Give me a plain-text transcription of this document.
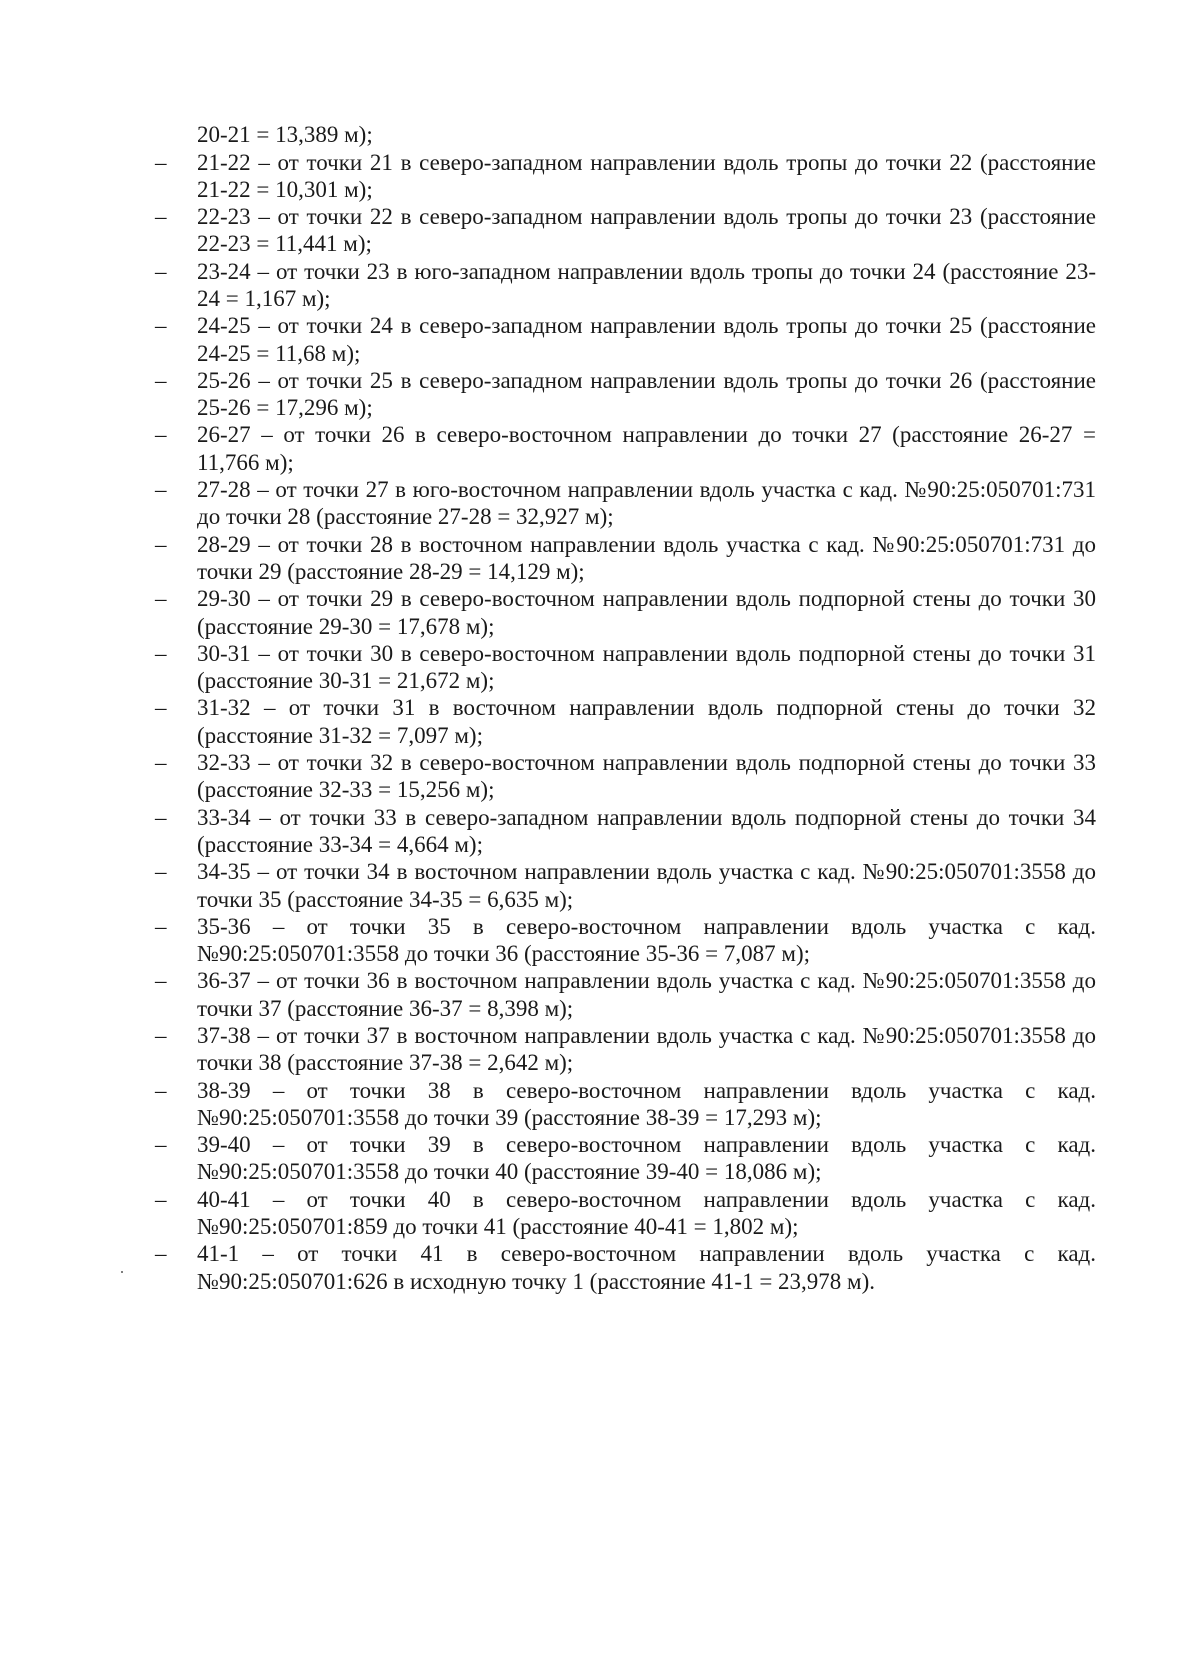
20-21 = 13,389 м);

– 21-22 – от точки 21 в северо-западном направлении вдоль тропы до точки 22 (расстояние 21-22 = 10,301 м);
– 22-23 – от точки 22 в северо-западном направлении вдоль тропы до точки 23 (расстояние 22-23 = 11,441 м);
– 23-24 – от точки 23 в юго-западном направлении вдоль тропы до точки 24 (расстояние 23-24 = 1,167 м);
– 24-25 – от точки 24 в северо-западном направлении вдоль тропы до точки 25 (расстояние 24-25 = 11,68 м);
– 25-26 – от точки 25 в северо-западном направлении вдоль тропы до точки 26 (расстояние 25-26 = 17,296 м);
– 26-27 – от точки 26 в северо-восточном направлении до точки 27 (расстояние 26-27 = 11,766 м);
– 27-28 – от точки 27 в юго-восточном направлении вдоль участка с кад. №90:25:050701:731 до точки 28 (расстояние 27-28 = 32,927 м);
– 28-29 – от точки 28 в восточном направлении вдоль участка с кад. №90:25:050701:731 до точки 29 (расстояние 28-29 = 14,129 м);
– 29-30 – от точки 29 в северо-восточном направлении вдоль подпорной стены до точки 30 (расстояние 29-30 = 17,678 м);
– 30-31 – от точки 30 в северо-восточном направлении вдоль подпорной стены до точки 31 (расстояние 30-31 = 21,672 м);
– 31-32 – от точки 31 в восточном направлении вдоль подпорной стены до точки 32 (расстояние 31-32 = 7,097 м);
– 32-33 – от точки 32 в северо-восточном направлении вдоль подпорной стены до точки 33 (расстояние 32-33 = 15,256 м);
– 33-34 – от точки 33 в северо-западном направлении вдоль подпорной стены до точки 34 (расстояние 33-34 = 4,664 м);
– 34-35 – от точки 34 в восточном направлении вдоль участка с кад. №90:25:050701:3558 до точки 35 (расстояние 34-35 = 6,635 м);
– 35-36 – от точки 35 в северо-восточном направлении вдоль участка с кад. №90:25:050701:3558 до точки 36 (расстояние 35-36 = 7,087 м);
– 36-37 – от точки 36 в восточном направлении вдоль участка с кад. №90:25:050701:3558 до точки 37 (расстояние 36-37 = 8,398 м);
– 37-38 – от точки 37 в восточном направлении вдоль участка с кад. №90:25:050701:3558 до точки 38 (расстояние 37-38 = 2,642 м);
– 38-39 – от точки 38 в северо-восточном направлении вдоль участка с кад. №90:25:050701:3558 до точки 39 (расстояние 38-39 = 17,293 м);
– 39-40 – от точки 39 в северо-восточном направлении вдоль участка с кад. №90:25:050701:3558 до точки 40 (расстояние 39-40 = 18,086 м);
– 40-41 – от точки 40 в северо-восточном направлении вдоль участка с кад. №90:25:050701:859 до точки 41 (расстояние 40-41 = 1,802 м);
– 41-1 – от точки 41 в северо-восточном направлении вдоль участка с кад. №90:25:050701:626 в исходную точку 1 (расстояние 41-1 = 23,978 м).
